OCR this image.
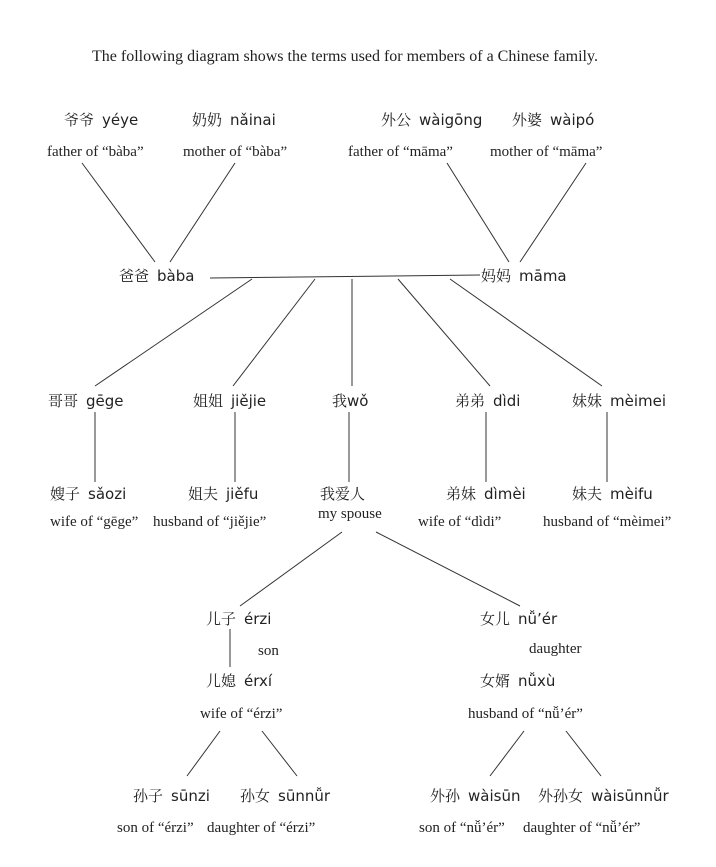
The following diagram shows the terms used for members of a Chinese family.
爷爷 yéye
father of “bàba”
奶奶 nǎinai
mother of “bàba”
外公 wàigōng
father of “māma”
外婆 wàipó
mother of “māma”
爸爸 bàba	妈妈 māma
哥哥 gēge	姐姐 jiějie	我wǒ	弟弟 dìdi	妹妹 mèimei
嫂子 sǎozi
wife of “gēge”
姐夫 jiěfu
husband of “jiějie”
我爱人
my spouse
弟妹 dìmèi
wife of “dìdi”
妹夫 mèifu
husband of “mèimei”
儿子 érzi
son
儿媳 érxí
wife of “érzi”
女儿 nǚ’ér
daughter
女婿 nǚxù
husband of “nǚ’ér”
孙子 sūnzi
son of “érzi”
孙女 sūnnǚr
daughter of “érzi”
外孙 wàisūn
son of “nǚ’ér”
外孙女 wàisūnnǚr
daughter of “nǚ’ér”
